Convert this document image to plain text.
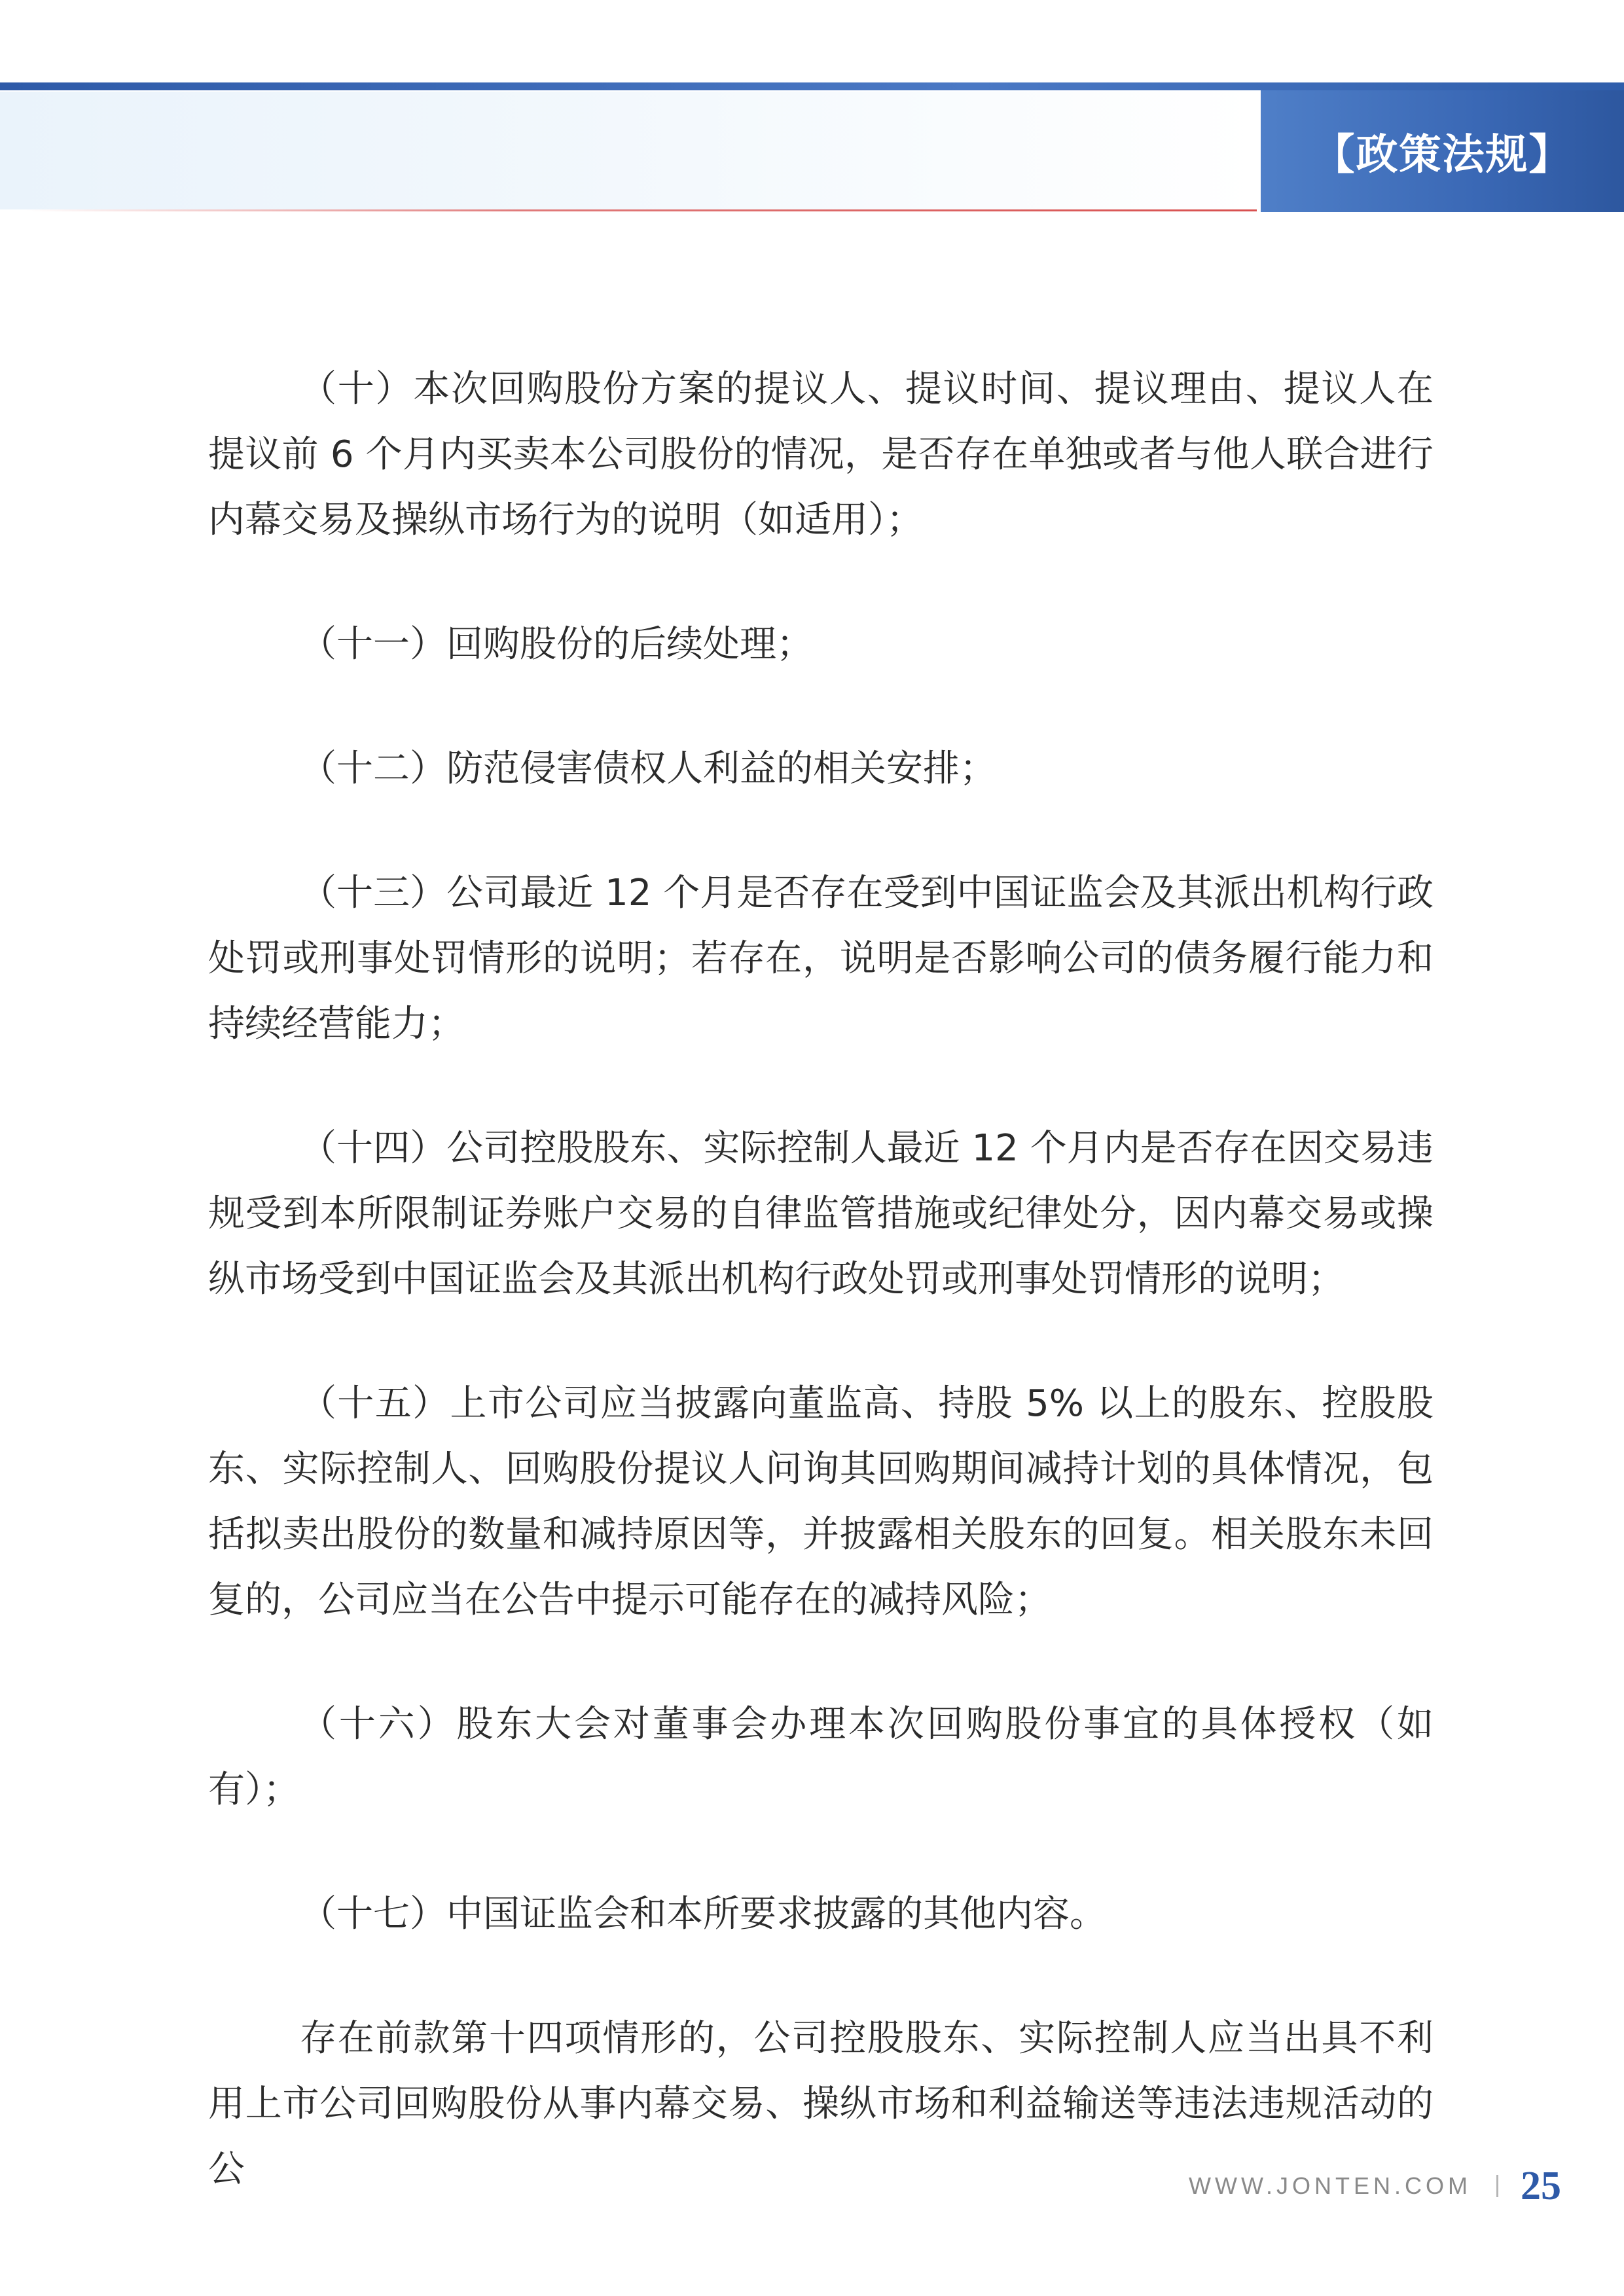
【政策法规】

（十）本次回购股份方案的提议人、提议时间、提议理由、提议人在提议前 6 个月内买卖本公司股份的情况，是否存在单独或者与他人联合进行内幕交易及操纵市场行为的说明（如适用）；

（十一）回购股份的后续处理；

（十二）防范侵害债权人利益的相关安排；

（十三）公司最近 12 个月是否存在受到中国证监会及其派出机构行政处罚或刑事处罚情形的说明；若存在，说明是否影响公司的债务履行能力和持续经营能力；

（十四）公司控股股东、实际控制人最近 12 个月内是否存在因交易违规受到本所限制证券账户交易的自律监管措施或纪律处分，因内幕交易或操纵市场受到中国证监会及其派出机构行政处罚或刑事处罚情形的说明；

（十五）上市公司应当披露向董监高、持股 5% 以上的股东、控股股东、实际控制人、回购股份提议人问询其回购期间减持计划的具体情况，包括拟卖出股份的数量和减持原因等，并披露相关股东的回复。相关股东未回复的，公司应当在公告中提示可能存在的减持风险；

（十六）股东大会对董事会办理本次回购股份事宜的具体授权（如有）；

（十七）中国证监会和本所要求披露的其他内容。

存在前款第十四项情形的，公司控股股东、实际控制人应当出具不利用上市公司回购股份从事内幕交易、操纵市场和利益输送等违法违规活动的公	WWW.JONTEN.COM 25
